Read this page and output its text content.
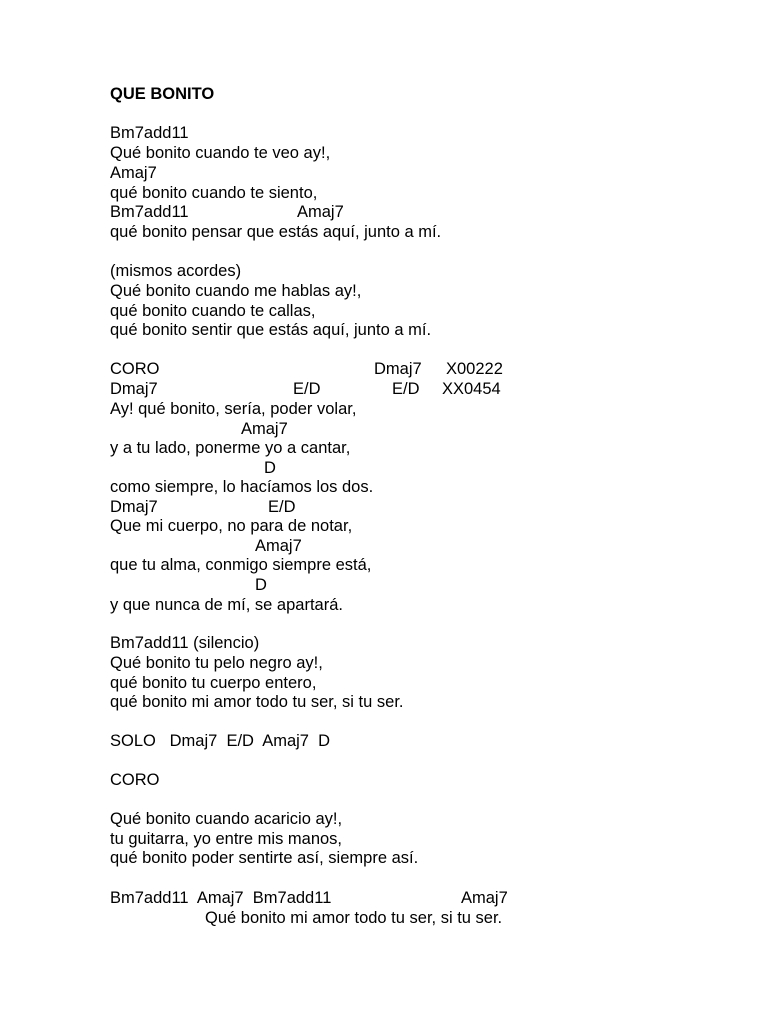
QUE BONITO
Bm7add11
Qué bonito cuando te veo ay!,
Amaj7
qué bonito cuando te siento,
Bm7add11	Amaj7
qué bonito pensar que estás aquí, junto a mí.
(mismos acordes)
Qué bonito cuando me hablas ay!,
qué bonito cuando te callas,
qué bonito sentir que estás aquí, junto a mí.
CORO	Dmaj7 X00222
Dmaj7	E/D	E/D XX0454
Ay! qué bonito, sería, poder volar,
Amaj7
y a tu lado, ponerme yo a cantar,
D
como siempre, lo hacíamos los dos.
Dmaj7	E/D
Que mi cuerpo, no para de notar,
Amaj7
que tu alma, conmigo siempre está,
D
y que nunca de mí, se apartará.
Bm7add11 (silencio)
Qué bonito tu pelo negro ay!,
qué bonito tu cuerpo entero,
qué bonito mi amor todo tu ser, si tu ser.
SOLO   Dmaj7  E/D  Amaj7  D
CORO
Qué bonito cuando acaricio ay!,
tu guitarra, yo entre mis manos,
qué bonito poder sentirte así, siempre así.
Bm7add11  Amaj7  Bm7add11	Amaj7
Qué bonito mi amor todo tu ser, si tu ser.
